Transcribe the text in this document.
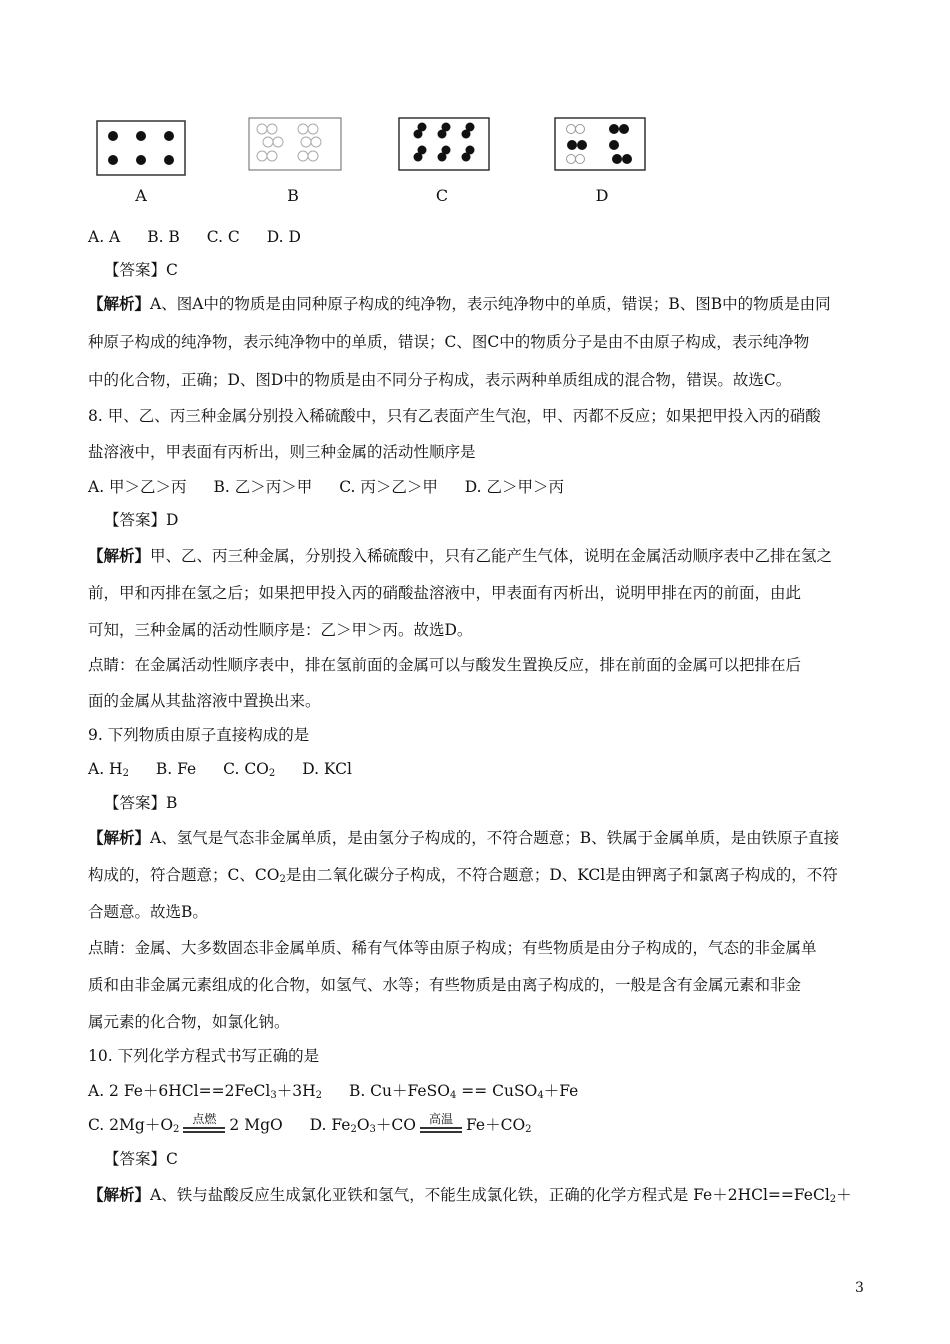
A	B	C	D
A. A B. B C. C D. D
【答案】C
【解析】A、图A中的物质是由同种原子构成的纯净物，表示纯净物中的单质，错误；B、图B中的物质是由同
种原子构成的纯净物，表示纯净物中的单质，错误；C、图C中的物质分子是由不由原子构成，表示纯净物
中的化合物，正确；D、图D中的物质是由不同分子构成，表示两种单质组成的混合物，错误。故选C。
8. 甲、乙、丙三种金属分别投入稀硫酸中，只有乙表面产生气泡，甲、丙都不反应；如果把甲投入丙的硝酸
盐溶液中，甲表面有丙析出，则三种金属的活动性顺序是
A. 甲＞乙＞丙 B. 乙＞丙＞甲 C. 丙＞乙＞甲 D. 乙＞甲＞丙
【答案】D
【解析】甲、乙、丙三种金属，分别投入稀硫酸中，只有乙能产生气体，说明在金属活动顺序表中乙排在氢之
前，甲和丙排在氢之后；如果把甲投入丙的硝酸盐溶液中，甲表面有丙析出，说明甲排在丙的前面，由此
可知，三种金属的活动性顺序是：乙＞甲＞丙。故选D。
点睛：在金属活动性顺序表中，排在氢前面的金属可以与酸发生置换反应，排在前面的金属可以把排在后
面的金属从其盐溶液中置换出来。
9. 下列物质由原子直接构成的是
A. $H_2$ B. Fe C. $CO_2$ D. KCl
【答案】B
【解析】A、氢气是气态非金属单质，是由氢分子构成的，不符合题意；B、铁属于金属单质，是由铁原子直接
构成的，符合题意；C、$CO_2$是由二氧化碳分子构成，不符合题意；D、KCl是由钾离子和氯离子构成的，不符
合题意。故选B。
点睛：金属、大多数固态非金属单质、稀有气体等由原子构成；有些物质是由分子构成的，气态的非金属单
质和由非金属元素组成的化合物，如氢气、水等；有些物质是由离子构成的，一般是含有金属元素和非金
属元素的化合物，如氯化钠。
10. 下列化学方程式书写正确的是
A. 2 $Fe+6HCl==2FeCl_3+3H_2$ B. Cu＋FeSO$_4$ == CuSO$_4$＋Fe
C. $2Mg+O_2$
点燃 2 MgO D. $Fe_2O_3+CO$	高温 $Fe+CO_2$
【答案】C
【解析】A、铁与盐酸反应生成氯化亚铁和氢气，不能生成氯化铁，正确的化学方程式是 Fe＋2HCl==FeCl$_2$＋
3
